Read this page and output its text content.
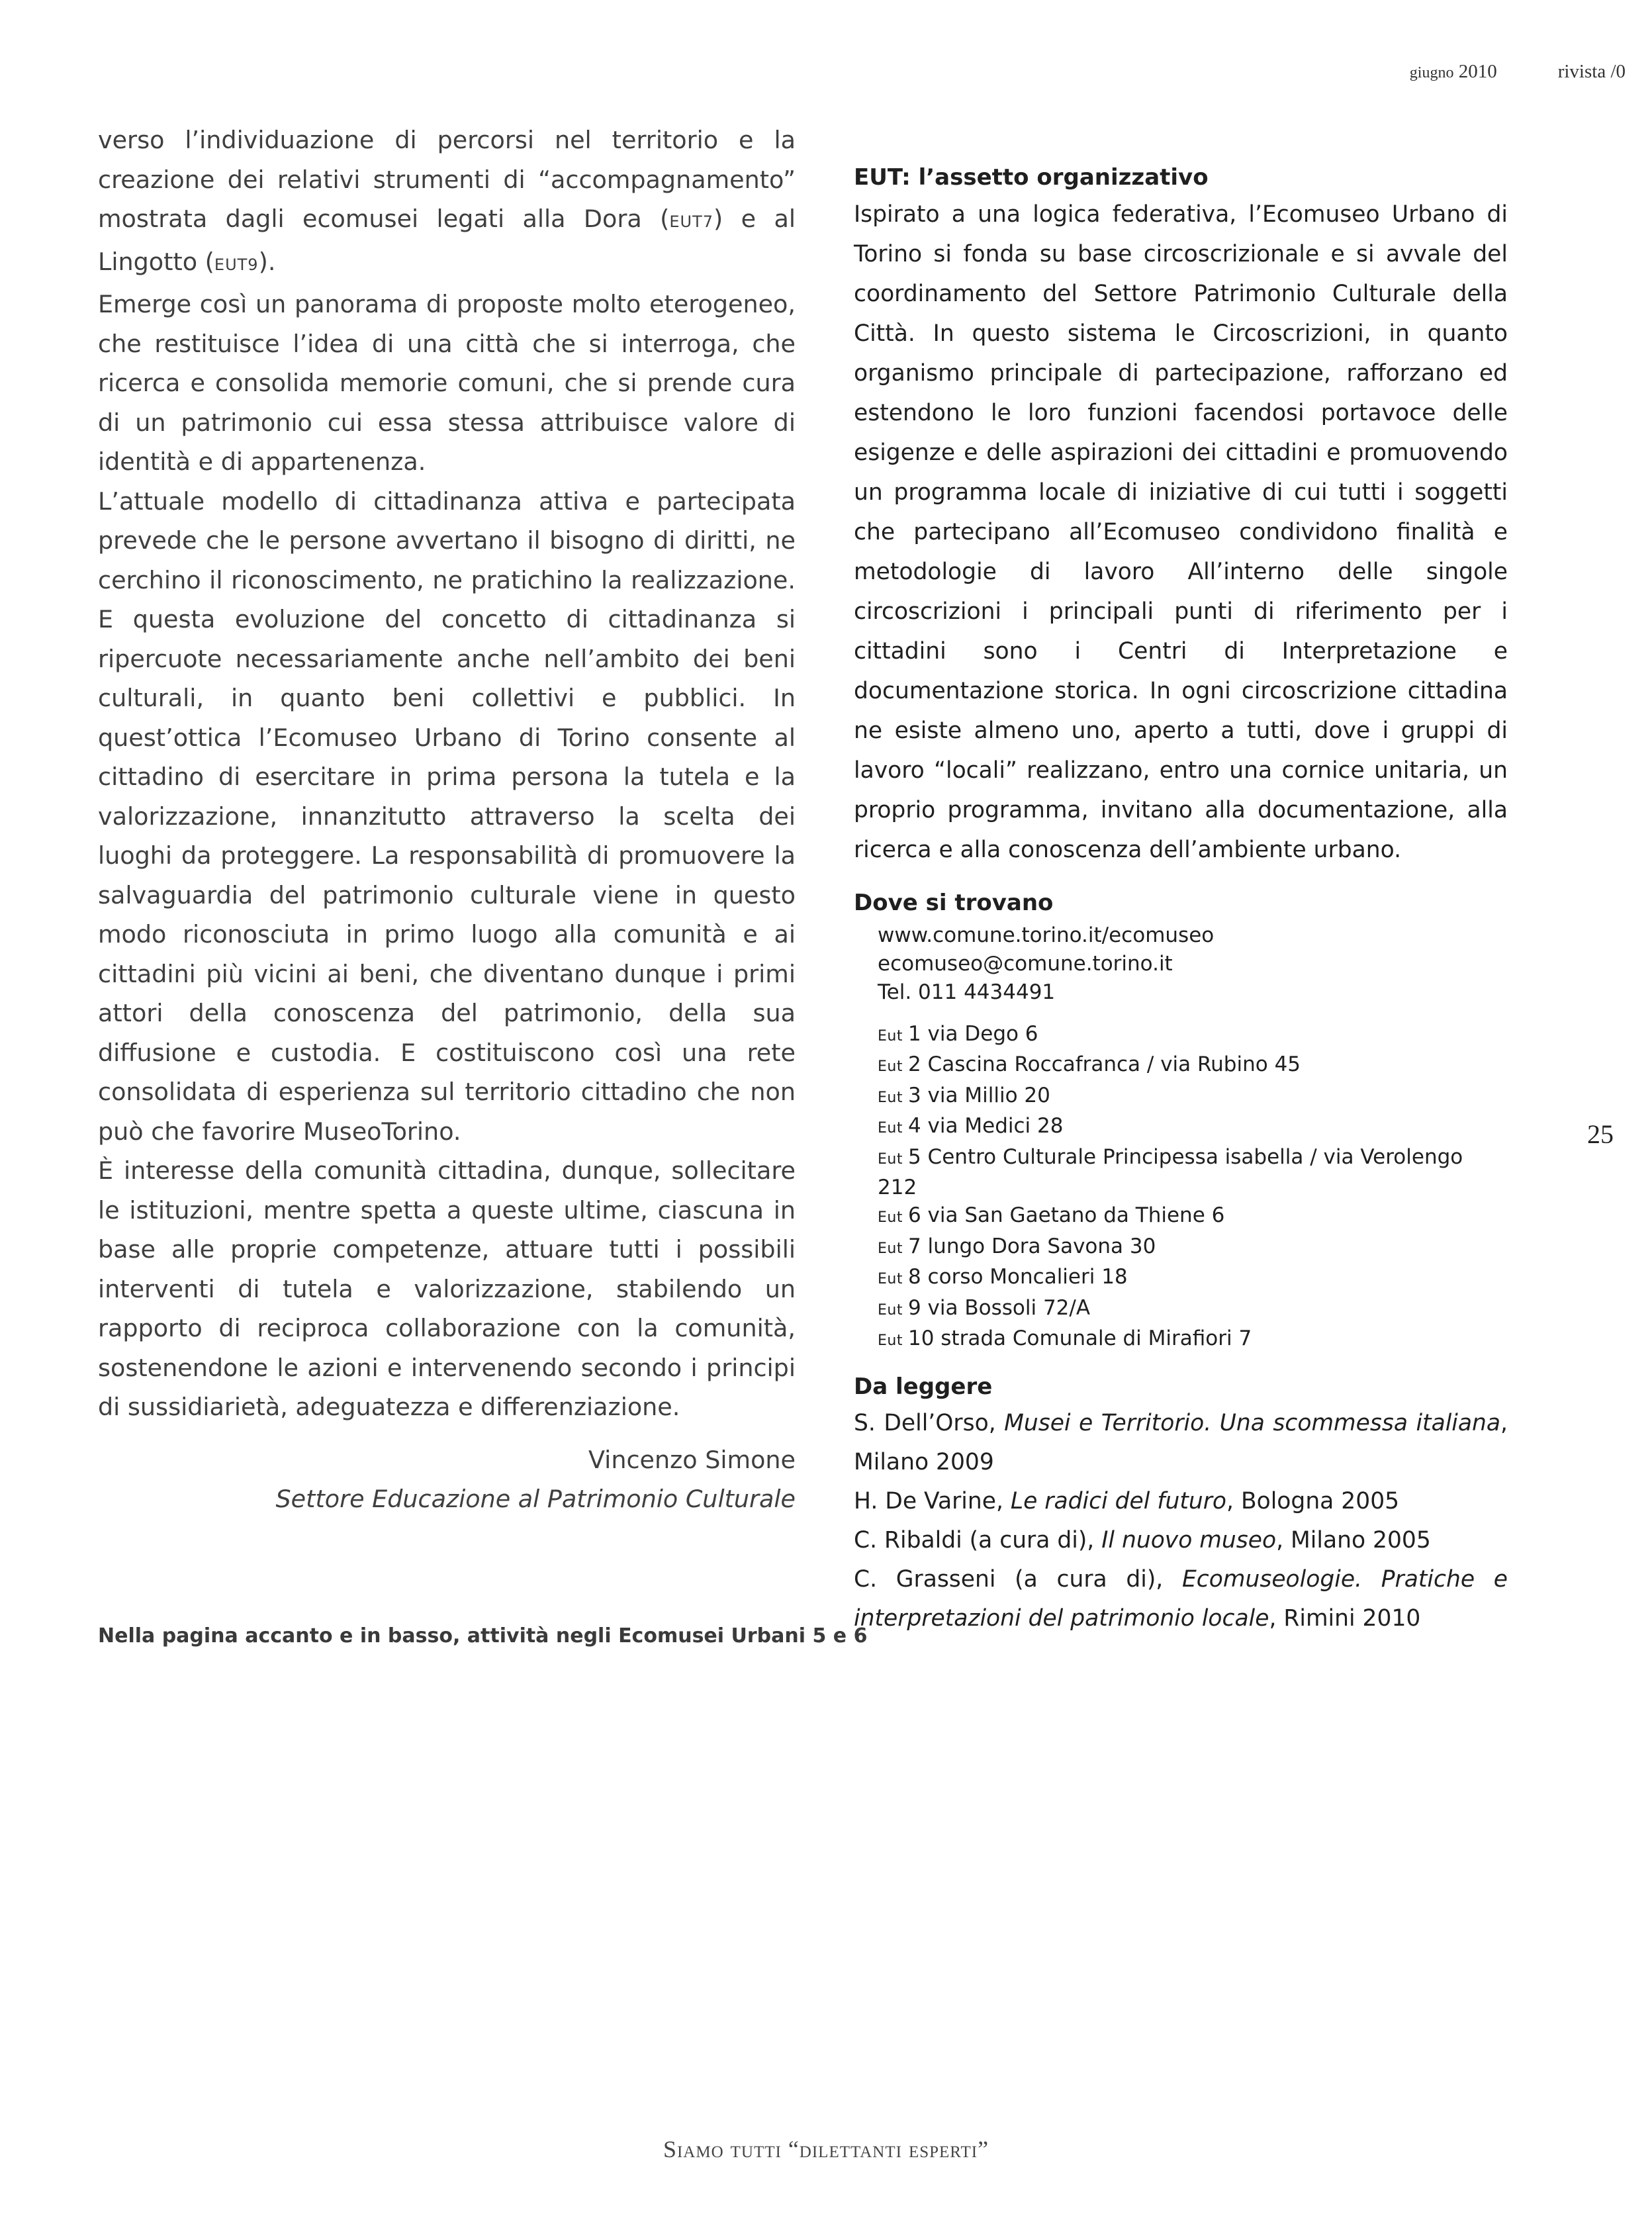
giugno 2010	rivista /0

verso l’individuazione di percorsi nel territorio e la creazione dei relativi strumenti di “accompagnamento” mostrata dagli ecomusei legati alla Dora (EUT7) e al Lingotto (EUT9).

Emerge così un panorama di proposte molto eterogeneo, che restituisce l’idea di una città che si interroga, che ricerca e consolida memorie comuni, che si prende cura di un patrimonio cui essa stessa attribuisce valore di identità e di appartenenza.

L’attuale modello di cittadinanza attiva e partecipata prevede che le persone avvertano il bisogno di diritti, ne cerchino il riconoscimento, ne pratichino la realizzazione. E questa evoluzione del concetto di cittadinanza si ripercuote necessariamente anche nell’ambito dei beni culturali, in quanto beni collettivi e pubblici. In quest’ottica l’Ecomuseo Urbano di Torino consente al cittadino di esercitare in prima persona la tutela e la valorizzazione, innanzitutto attraverso la scelta dei luoghi da proteggere. La responsabilità di promuovere la salvaguardia del patrimonio culturale viene in questo modo riconosciuta in primo luogo alla comunità e ai cittadini più vicini ai beni, che diventano dunque i primi attori della conoscenza del patrimonio, della sua diffusione e custodia. E costituiscono così una rete consolidata di esperienza sul territorio cittadino che non può che favorire MuseoTorino.

È interesse della comunità cittadina, dunque, sollecitare le istituzioni, mentre spetta a queste ultime, ciascuna in base alle proprie competenze, attuare tutti i possibili interventi di tutela e valorizzazione, stabilendo un rapporto di reciproca collaborazione con la comunità, sostenendone le azioni e intervenendo secondo i principi di sussidiarietà, adeguatezza e differenziazione.

Vincenzo Simone
Settore Educazione al Patrimonio Culturale
EUT: l’assetto organizzativo

Ispirato a una logica federativa, l’Ecomuseo Urbano di Torino si fonda su base circoscrizionale e si avvale del coordinamento del Settore Patrimonio Culturale della Città. In questo sistema le Circoscrizioni, in quanto organismo principale di partecipazione, rafforzano ed estendono le loro funzioni facendosi portavoce delle esigenze e delle aspirazioni dei cittadini e promuovendo un programma locale di iniziative di cui tutti i soggetti che partecipano all’Ecomuseo condividono finalità e metodologie di lavoro All’interno delle singole circoscrizioni i principali punti di riferimento per i cittadini sono i Centri di Interpretazione e documentazione storica. In ogni circoscrizione cittadina ne esiste almeno uno, aperto a tutti, dove i gruppi di lavoro “locali” realizzano, entro una cornice unitaria, un proprio programma, invitano alla documentazione, alla ricerca e alla conoscenza dell’ambiente urbano.

Dove si trovano
www.comune.torino.it/ecomuseo
ecomuseo@comune.torino.it
Tel. 011 4434491
Eut 1 via Dego 6
Eut 2 Cascina Roccafranca / via Rubino 45
Eut 3 via Millio 20
Eut 4 via Medici 28
Eut 5 Centro Culturale Principessa isabella / via Verolengo 212
Eut 6 via San Gaetano da Thiene 6
Eut 7 lungo Dora Savona 30
Eut 8 corso Moncalieri 18
Eut 9 via Bossoli 72/A
Eut 10 strada Comunale di Mirafiori 7
Da leggere

S. Dell’Orso, Musei e Territorio. Una scommessa italiana, Milano 2009

H. De Varine, Le radici del futuro, Bologna 2005

C. Ribaldi (a cura di), Il nuovo museo, Milano 2005

C. Grasseni (a cura di), Ecomuseologie. Pratiche e interpretazioni del patrimonio locale, Rimini 2010

25
Nella pagina accanto e in basso, attività negli Ecomusei Urbani 5 e 6
Siamo tutti “dilettanti esperti”
